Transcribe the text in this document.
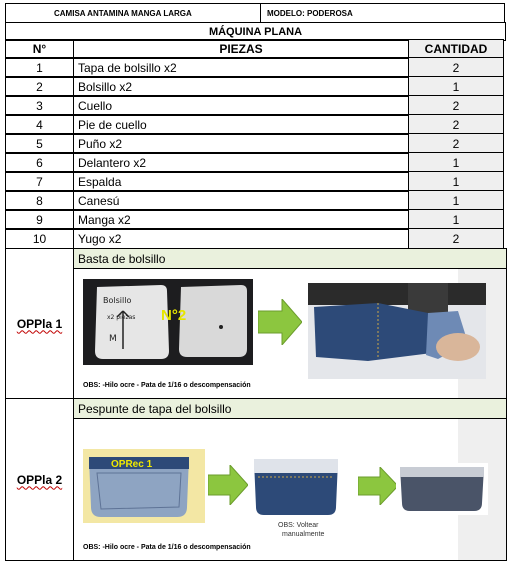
CAMISA ANTAMINA MANGA LARGA	MODELO: PODEROSA
MÁQUINA PLANA
N°	PIEZAS	CANTIDAD
1	Tapa de bolsillo x2	2
2	Bolsillo x2	1
3	Cuello	2
4	Pie de cuello	2
5	Puño x2	2
6	Delantero x2	1
7	Espalda	1
8	Canesú	1
9	Manga x2	1
10	Yugo x2	2
OPPla 1
Basta de bolsillo
Bolsillo
x2 piezas
M
N°2
OBS: -Hilo ocre - Pata de 1/16 o descompensación
OPPla 2
Pespunte de tapa del bolsillo
OPRec 1
OBS: Voltear
manualmente
OBS: -Hilo ocre - Pata de 1/16 o descompensación
